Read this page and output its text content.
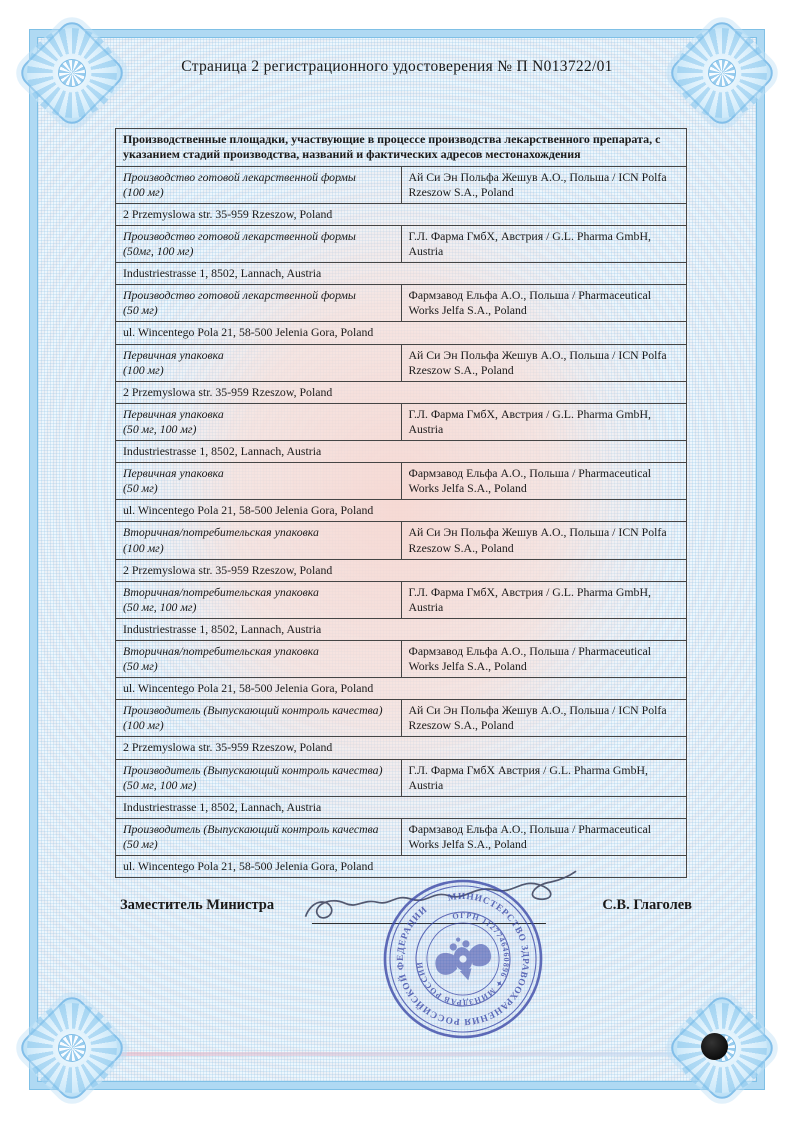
Страница 2 регистрационного удостоверения № П N013722/01
Производственные площадки, участвующие в процессе производства лекарственного препарата, с указанием стадий производства, названий и фактических адресов местонахождения	

Производство готовой лекарственной формы
(100 мг)	Ай Си Эн Польфа Жешув А.О., Польша / ICN Polfa Rzeszow S.A., Poland
2 Przemyslowa str. 35-959 Rzeszow, Poland	

Производство готовой лекарственной формы
(50мг, 100 мг)	Г.Л. Фарма ГмбХ, Австрия / G.L. Pharma GmbH, Austria
Industriestrasse 1, 8502, Lannach, Austria	

Производство готовой лекарственной формы
(50 мг)	Фармзавод Ельфа А.О., Польша / Pharmaceutical Works Jelfa S.A., Poland
ul. Wincentego Pola 21, 58-500 Jelenia Gora, Poland	

Первичная упаковка
(100 мг)	Ай Си Эн Польфа Жешув А.О., Польша / ICN Polfa Rzeszow S.A., Poland
2 Przemyslowa str. 35-959 Rzeszow, Poland	

Первичная упаковка
(50 мг, 100 мг)	Г.Л. Фарма ГмбХ, Австрия / G.L. Pharma GmbH, Austria
Industriestrasse 1, 8502, Lannach, Austria	

Первичная упаковка
(50 мг)	Фармзавод Ельфа А.О., Польша / Pharmaceutical Works Jelfa S.A., Poland
ul. Wincentego Pola 21, 58-500 Jelenia Gora, Poland	

Вторичная/потребительская упаковка
(100 мг)	Ай Си Эн Польфа Жешув А.О., Польша / ICN Polfa Rzeszow S.A., Poland
2 Przemyslowa str. 35-959 Rzeszow, Poland	

Вторичная/потребительская упаковка
(50 мг, 100 мг)	Г.Л. Фарма ГмбХ, Австрия / G.L. Pharma GmbH, Austria
Industriestrasse 1, 8502, Lannach, Austria	

Вторичная/потребительская упаковка
(50 мг)	Фармзавод Ельфа А.О., Польша / Pharmaceutical Works Jelfa S.A., Poland
ul. Wincentego Pola 21, 58-500 Jelenia Gora, Poland	

Производитель (Выпускающий контроль качества)
(100 мг)	Ай Си Эн Польфа Жешув А.О., Польша / ICN Polfa Rzeszow S.A., Poland
2 Przemyslowa str. 35-959 Rzeszow, Poland	

Производитель (Выпускающий контроль качества)
(50 мг, 100 мг)	Г.Л. Фарма ГмбХ Австрия / G.L. Pharma GmbH, Austria
Industriestrasse 1, 8502, Lannach, Austria	

Производитель (Выпускающий контроль качества
(50 мг)	Фармзавод Ельфа А.О., Польша / Pharmaceutical Works Jelfa S.A., Poland
ul. Wincentego Pola 21, 58-500 Jelenia Gora, Poland	
Заместитель Министра	С.В. Глаголев
МИНИСТЕРСТВО ЗДРАВООХРАНЕНИЯ РОССИЙСКОЙ ФЕДЕРАЦИИ	ОГРН 1127746460896 ✦ МИНЗДРАВ РОССИИ
